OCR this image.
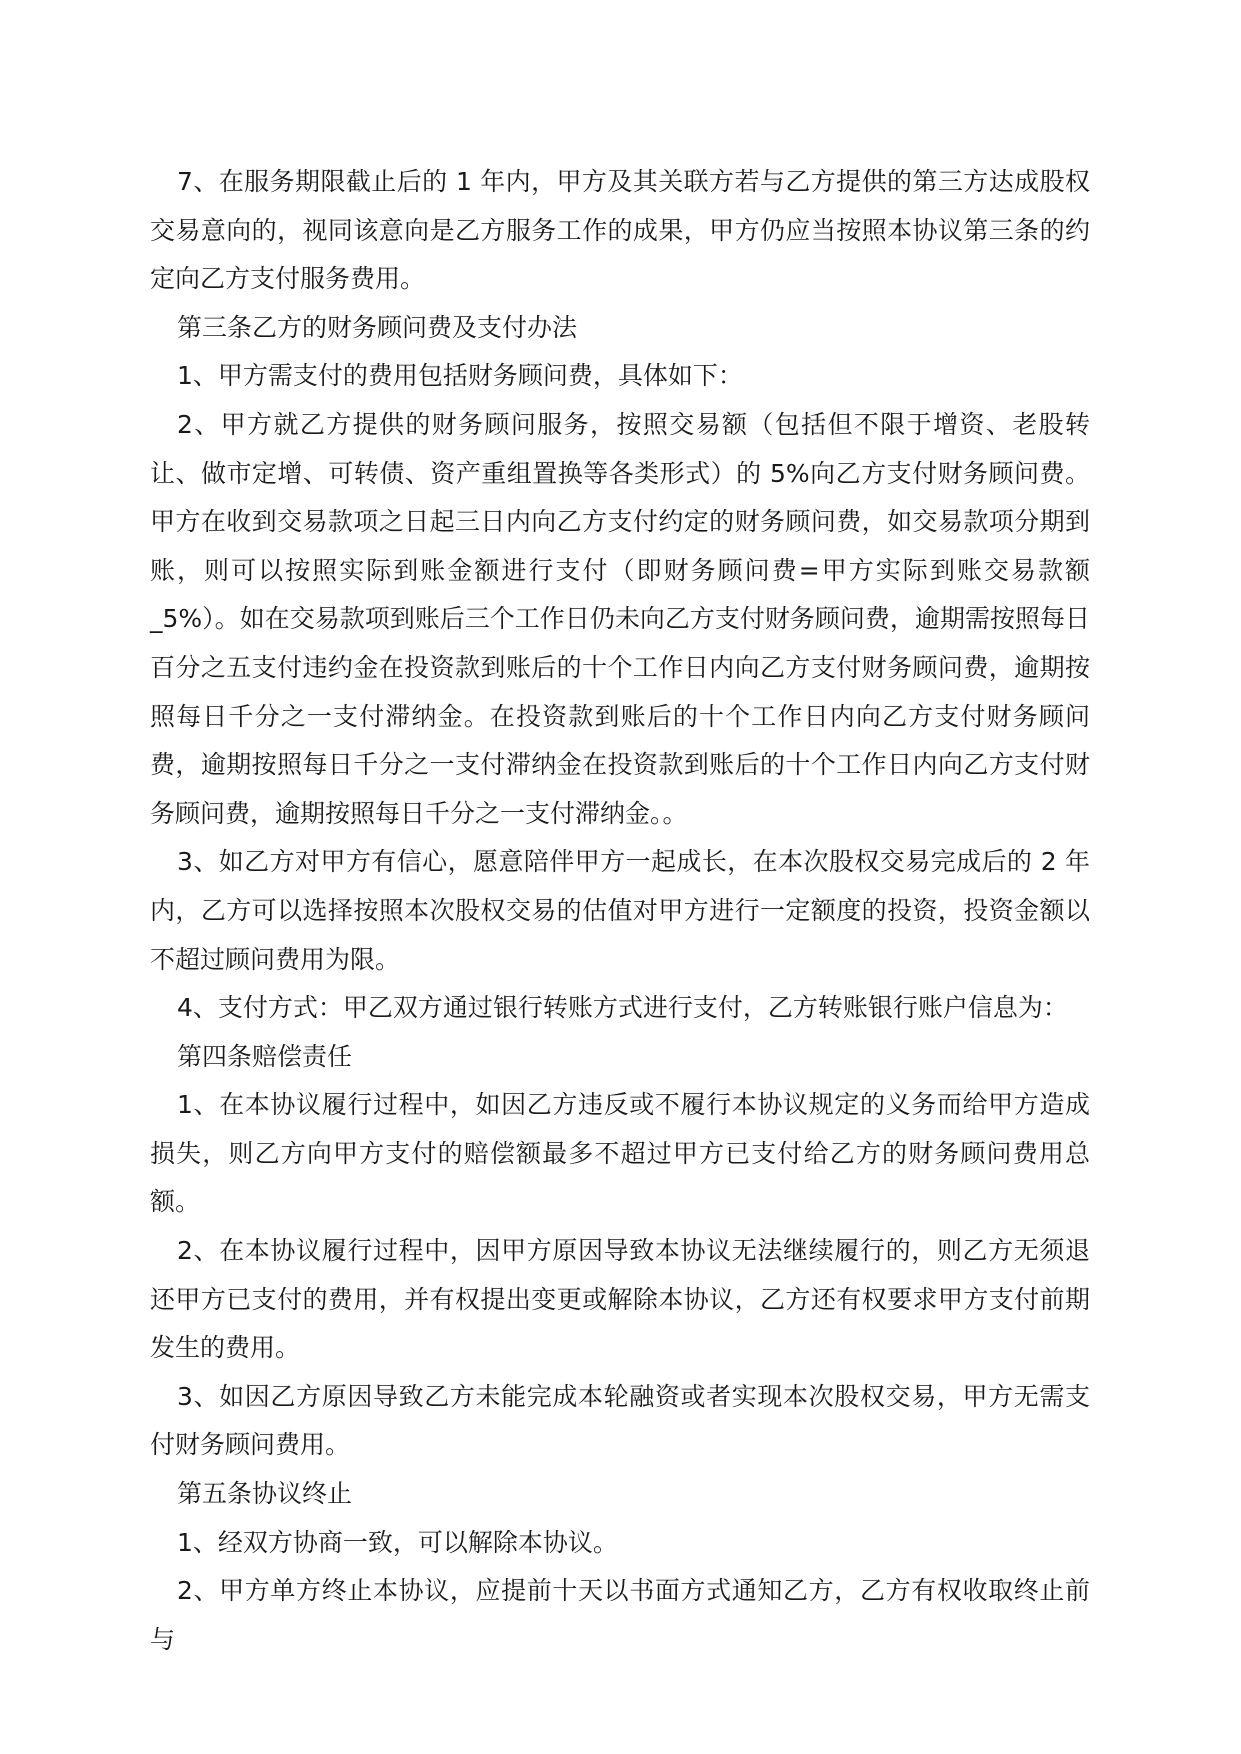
7、在服务期限截止后的 1 年内，甲方及其关联方若与乙方提供的第三方达成股权交易意向的，视同该意向是乙方服务工作的成果，甲方仍应当按照本协议第三条的约定向乙方支付服务费用。

第三条乙方的财务顾问费及支付办法

1、甲方需支付的费用包括财务顾问费，具体如下：

2、甲方就乙方提供的财务顾问服务，按照交易额（包括但不限于增资、老股转让、做市定增、可转债、资产重组置换等各类形式）的 5%向乙方支付财务顾问费。甲方在收到交易款项之日起三日内向乙方支付约定的财务顾问费，如交易款项分期到账，则可以按照实际到账金额进行支付（即财务顾问费=甲方实际到账交易款额_5%）。如在交易款项到账后三个工作日仍未向乙方支付财务顾问费，逾期需按照每日百分之五支付违约金在投资款到账后的十个工作日内向乙方支付财务顾问费，逾期按照每日千分之一支付滞纳金。在投资款到账后的十个工作日内向乙方支付财务顾问费，逾期按照每日千分之一支付滞纳金在投资款到账后的十个工作日内向乙方支付财务顾问费，逾期按照每日千分之一支付滞纳金。。

3、如乙方对甲方有信心，愿意陪伴甲方一起成长，在本次股权交易完成后的 2 年内，乙方可以选择按照本次股权交易的估值对甲方进行一定额度的投资，投资金额以不超过顾问费用为限。

4、支付方式：甲乙双方通过银行转账方式进行支付，乙方转账银行账户信息为：

第四条赔偿责任

1、在本协议履行过程中，如因乙方违反或不履行本协议规定的义务而给甲方造成损失，则乙方向甲方支付的赔偿额最多不超过甲方已支付给乙方的财务顾问费用总额。

2、在本协议履行过程中，因甲方原因导致本协议无法继续履行的，则乙方无须退还甲方已支付的费用，并有权提出变更或解除本协议，乙方还有权要求甲方支付前期发生的费用。

3、如因乙方原因导致乙方未能完成本轮融资或者实现本次股权交易，甲方无需支付财务顾问费用。

第五条协议终止

1、经双方协商一致，可以解除本协议。

2、甲方单方终止本协议，应提前十天以书面方式通知乙方，乙方有权收取终止前与
